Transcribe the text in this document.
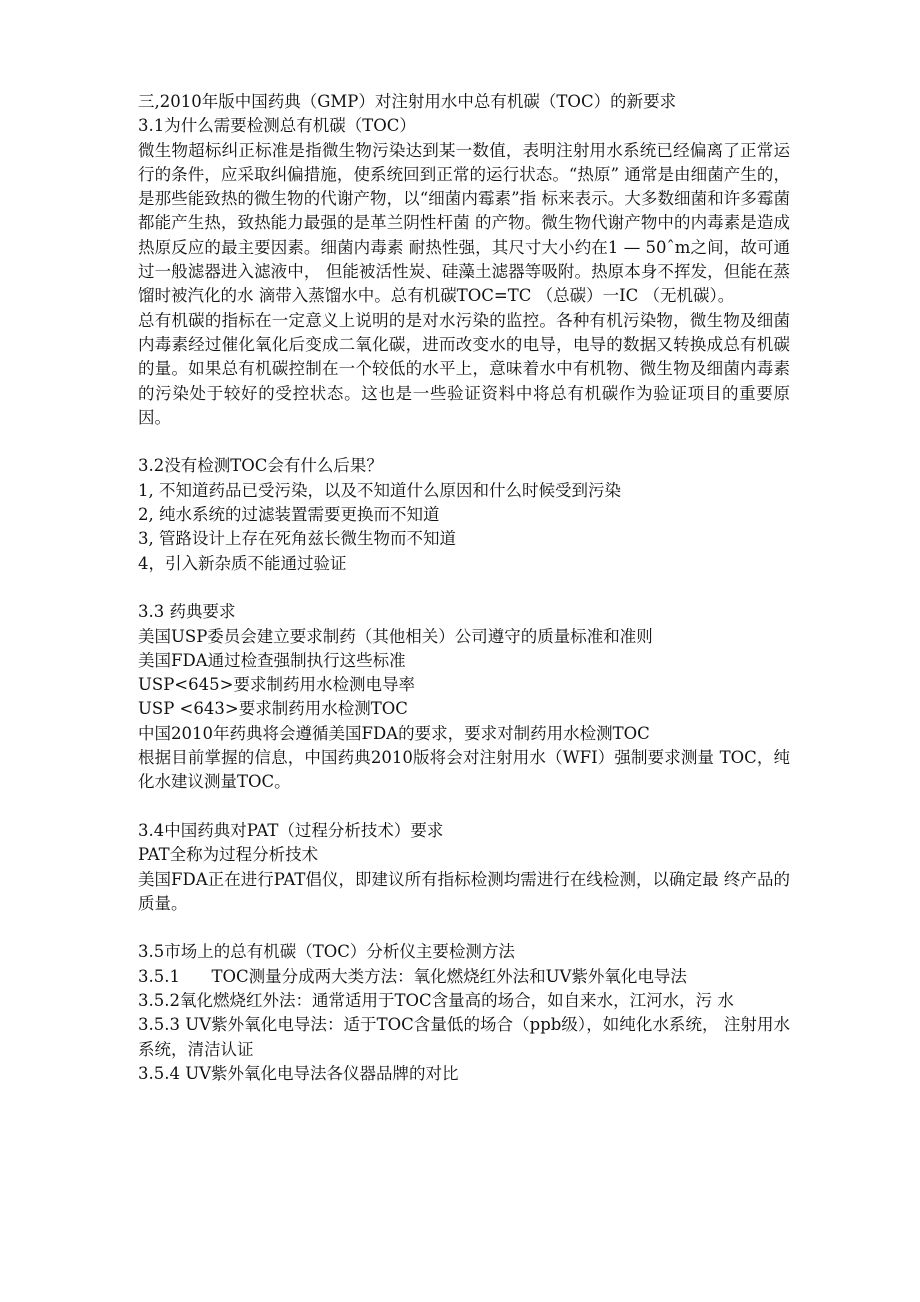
三,2010年版中国药典（GMP）对注射用水中总有机碳（TOC）的新要求

3.1为什么需要检测总有机碳（TOC）

微生物超标纠正标准是指微生物污染达到某一数值，表明注射用水系统已经偏离了正常运行的条件，应采取纠偏措施，使系统回到正常的运行状态。“热原” 通常是由细菌产生的，是那些能致热的微生物的代谢产物，以“细菌内霉素”指 标来表示。大多数细菌和许多霉菌都能产生热，致热能力最强的是革兰阴性杆菌 的产物。微生物代谢产物中的内毒素是造成热原反应的最主要因素。细菌内毒素 耐热性强，其尺寸大小约在1 — 50ˆm之间，故可通过一般滤器进入滤液中， 但能被活性炭、硅藻土滤器等吸附。热原本身不挥发，但能在蒸馏时被汽化的水 滴带入蒸馏水中。总有机碳TOC=TC （总碳）一IC （无机碳）。

总有机碳的指标在一定意义上说明的是对水污染的监控。各种有机污染物，微生物及细菌内毒素经过催化氧化后变成二氧化碳，进而改变水的电导，电导的数据又转换成总有机碳的量。如果总有机碳控制在一个较低的水平上，意味着水中有机物、微生物及细菌内毒素的污染处于较好的受控状态。这也是一些验证资料中将总有机碳作为验证项目的重要原因。

3.2没有检测TOC会有什么后果？

1, 不知道药品已受污染，以及不知道什么原因和什么时候受到污染

2, 纯水系统的过滤装置需要更换而不知道

3, 管路设计上存在死角兹长微生物而不知道

4，引入新杂质不能通过验证

3.3 药典要求

美国USP委员会建立要求制药（其他相关）公司遵守的质量标准和准则

美国FDA通过检查强制执行这些标准

USP<645>要求制药用水检测电导率

USP <643>要求制药用水检测TOC

中国2010年药典将会遵循美国FDA的要求，要求对制药用水检测TOC

根据目前掌握的信息，中国药典2010版将会对注射用水（WFI）强制要求测量 TOC，纯化水建议测量TOC。

3.4中国药典对PAT（过程分析技术）要求

PAT全称为过程分析技术

美国FDA正在进行PAT倡仪，即建议所有指标检测均需进行在线检测，以确定最 终产品的质量。

3.5市场上的总有机碳（TOC）分析仪主要检测方法

3.5.1      TOC测量分成两大类方法：氧化燃烧红外法和UV紫外氧化电导法

3.5.2氧化燃烧红外法：通常适用于TOC含量高的场合，如自来水，江河水，污 水

3.5.3 UV紫外氧化电导法：适于TOC含量低的场合（ppb级），如纯化水系统， 注射用水系统，清洁认证

3.5.4 UV紫外氧化电导法各仪器品牌的对比
